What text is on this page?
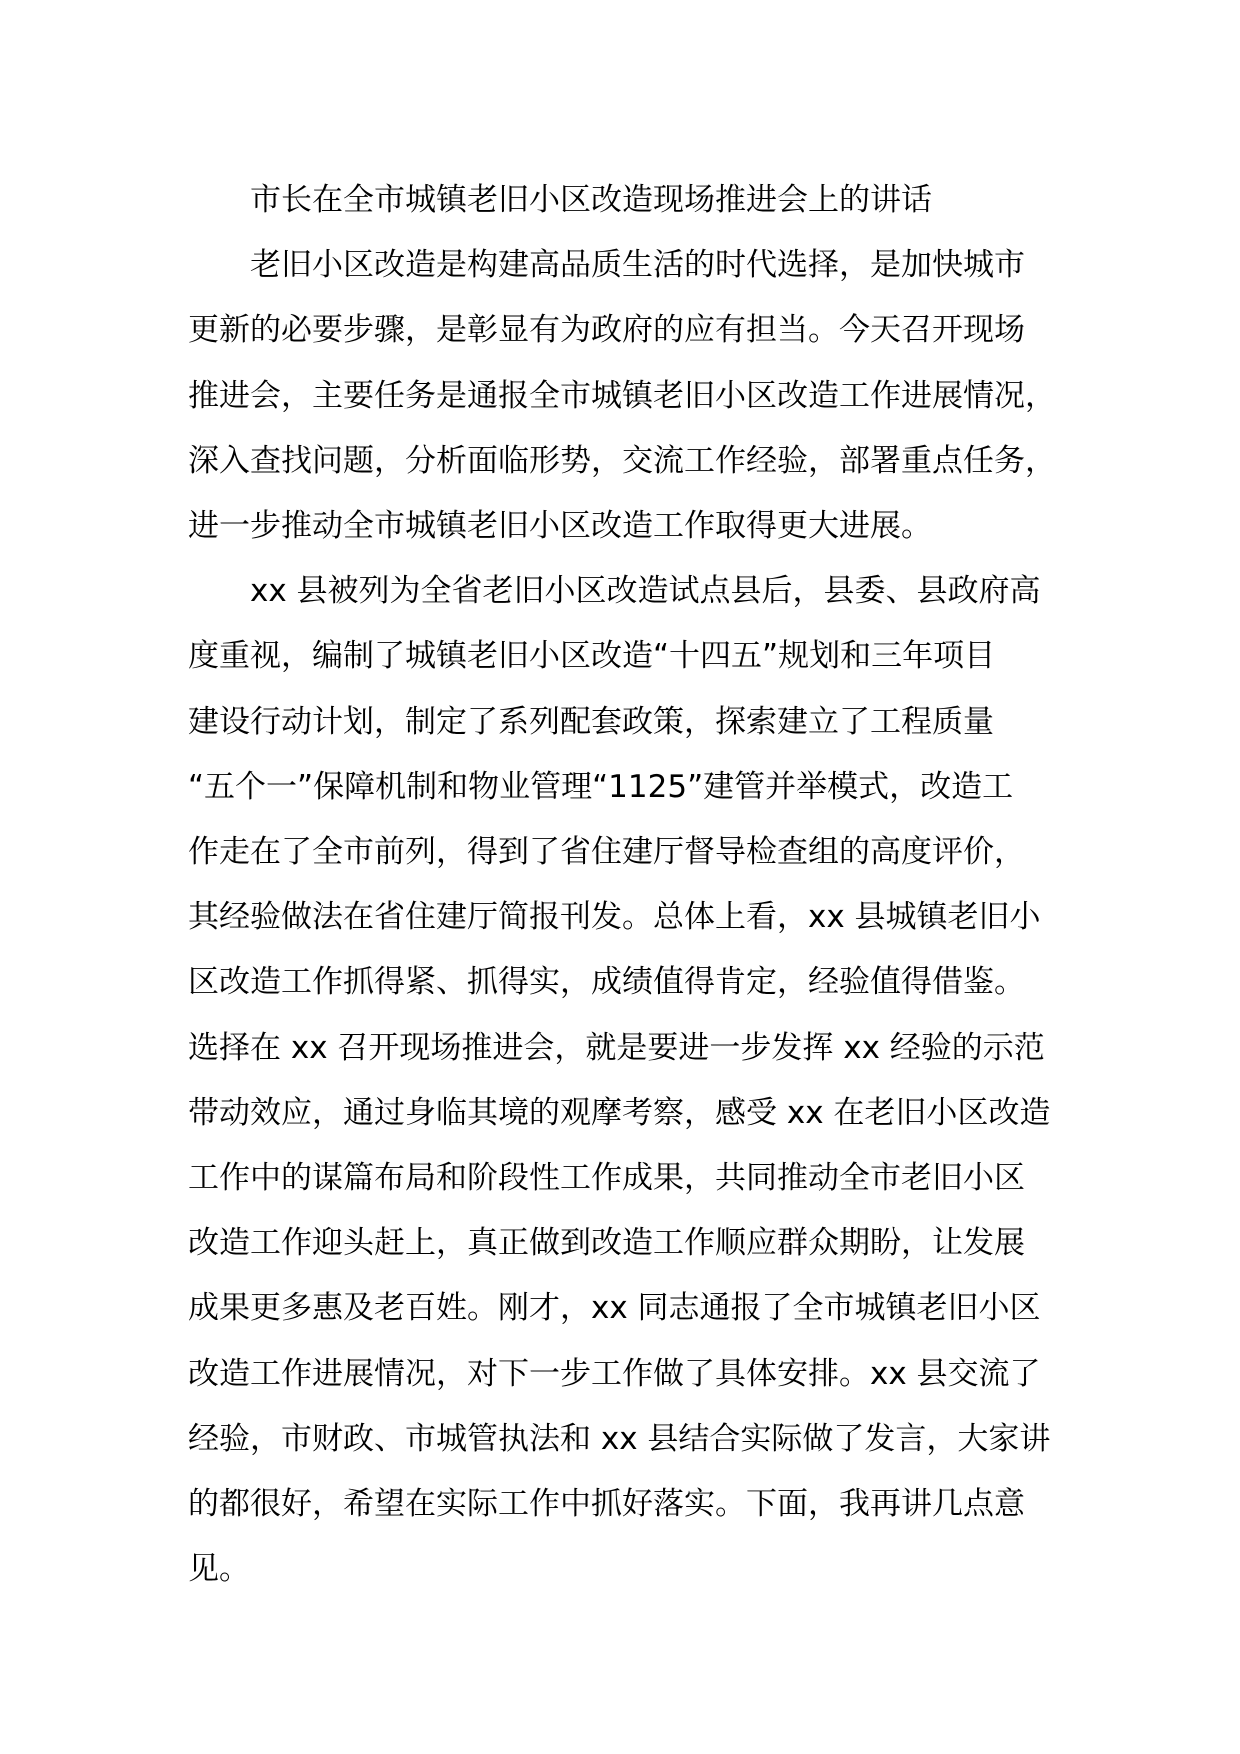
市长在全市城镇老旧小区改造现场推进会上的讲话

老旧小区改造是构建高品质生活的时代选择，是加快城市
更新的必要步骤，是彰显有为政府的应有担当。今天召开现场
推进会，主要任务是通报全市城镇老旧小区改造工作进展情况，
深入查找问题，分析面临形势，交流工作经验，部署重点任务，
进一步推动全市城镇老旧小区改造工作取得更大进展。

xx 县被列为全省老旧小区改造试点县后，县委、县政府高
度重视，编制了城镇老旧小区改造“十四五”规划和三年项目
建设行动计划，制定了系列配套政策，探索建立了工程质量
“五个一”保障机制和物业管理“1125”建管并举模式，改造工
作走在了全市前列，得到了省住建厅督导检查组的高度评价，
其经验做法在省住建厅简报刊发。总体上看，xx 县城镇老旧小
区改造工作抓得紧、抓得实，成绩值得肯定，经验值得借鉴。
选择在 xx 召开现场推进会，就是要进一步发挥 xx 经验的示范
带动效应，通过身临其境的观摩考察，感受 xx 在老旧小区改造
工作中的谋篇布局和阶段性工作成果，共同推动全市老旧小区
改造工作迎头赶上，真正做到改造工作顺应群众期盼，让发展
成果更多惠及老百姓。刚才，xx 同志通报了全市城镇老旧小区
改造工作进展情况，对下一步工作做了具体安排。xx 县交流了
经验，市财政、市城管执法和 xx 县结合实际做了发言，大家讲
的都很好，希望在实际工作中抓好落实。下面，我再讲几点意
见。
